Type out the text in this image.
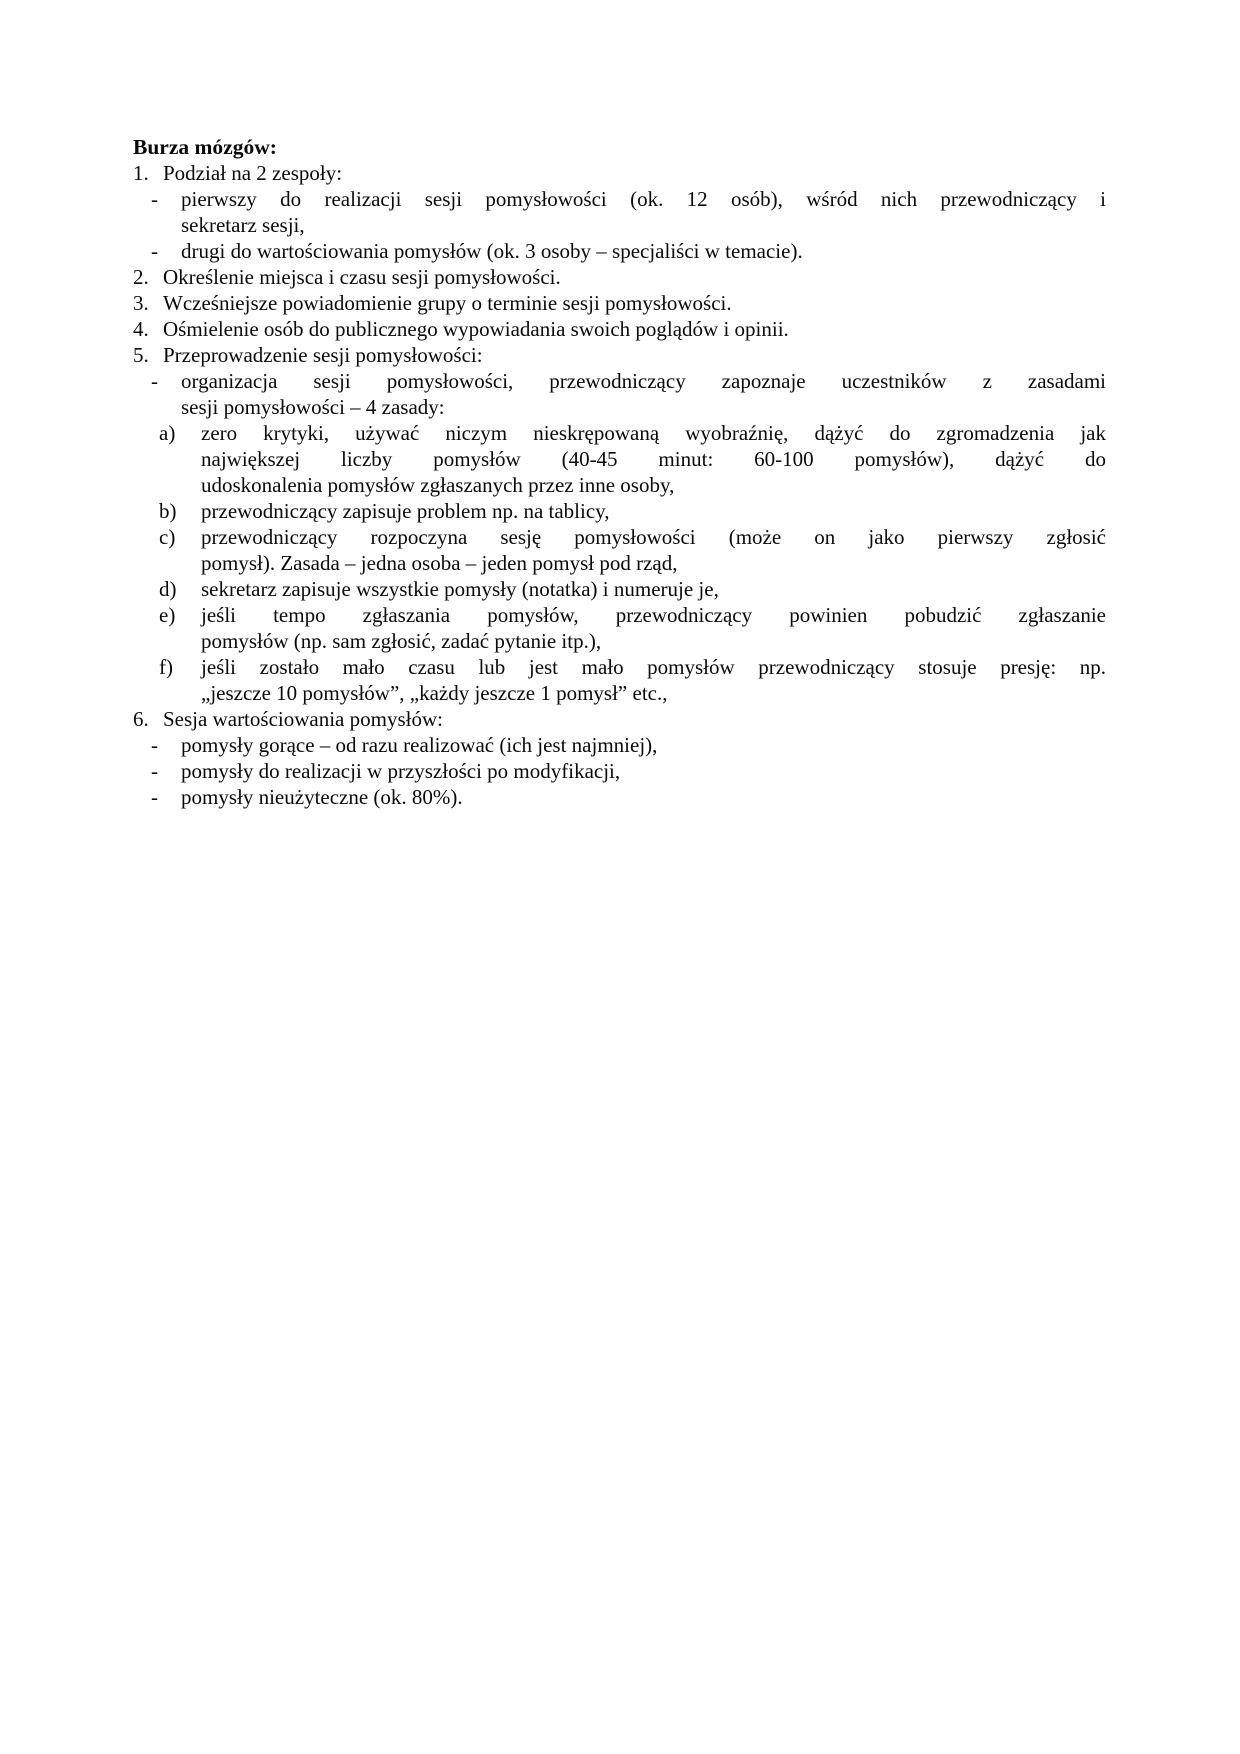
Burza mózgów:
1. Podział na 2 zespoły:
- pierwszy do realizacji sesji pomysłowości (ok. 12 osób), wśród nich przewodniczący i
sekretarz sesji,
- drugi do wartościowania pomysłów (ok. 3 osoby – specjaliści w temacie).
2. Określenie miejsca i czasu sesji pomysłowości.
3. Wcześniejsze powiadomienie grupy o terminie sesji pomysłowości.
4. Ośmielenie osób do publicznego wypowiadania swoich poglądów i opinii.
5. Przeprowadzenie sesji pomysłowości:
- organizacja sesji pomysłowości, przewodniczący zapoznaje uczestników z zasadami
sesji pomysłowości – 4 zasady:
a) zero krytyki, używać niczym nieskrępowaną wyobraźnię, dążyć do zgromadzenia jak
największej liczby pomysłów (40-45 minut: 60-100 pomysłów), dążyć do
udoskonalenia pomysłów zgłaszanych przez inne osoby,
b) przewodniczący zapisuje problem np. na tablicy,
c) przewodniczący rozpoczyna sesję pomysłowości (może on jako pierwszy zgłosić
pomysł). Zasada – jedna osoba – jeden pomysł pod rząd,
d) sekretarz zapisuje wszystkie pomysły (notatka) i numeruje je,
e) jeśli tempo zgłaszania pomysłów, przewodniczący powinien pobudzić zgłaszanie
pomysłów (np. sam zgłosić, zadać pytanie itp.),
f) jeśli zostało mało czasu lub jest mało pomysłów przewodniczący stosuje presję: np.
„jeszcze 10 pomysłów”, „każdy jeszcze 1 pomysł” etc.,
6. Sesja wartościowania pomysłów:
- pomysły gorące – od razu realizować (ich jest najmniej),
- pomysły do realizacji w przyszłości po modyfikacji,
- pomysły nieużyteczne (ok. 80%).
